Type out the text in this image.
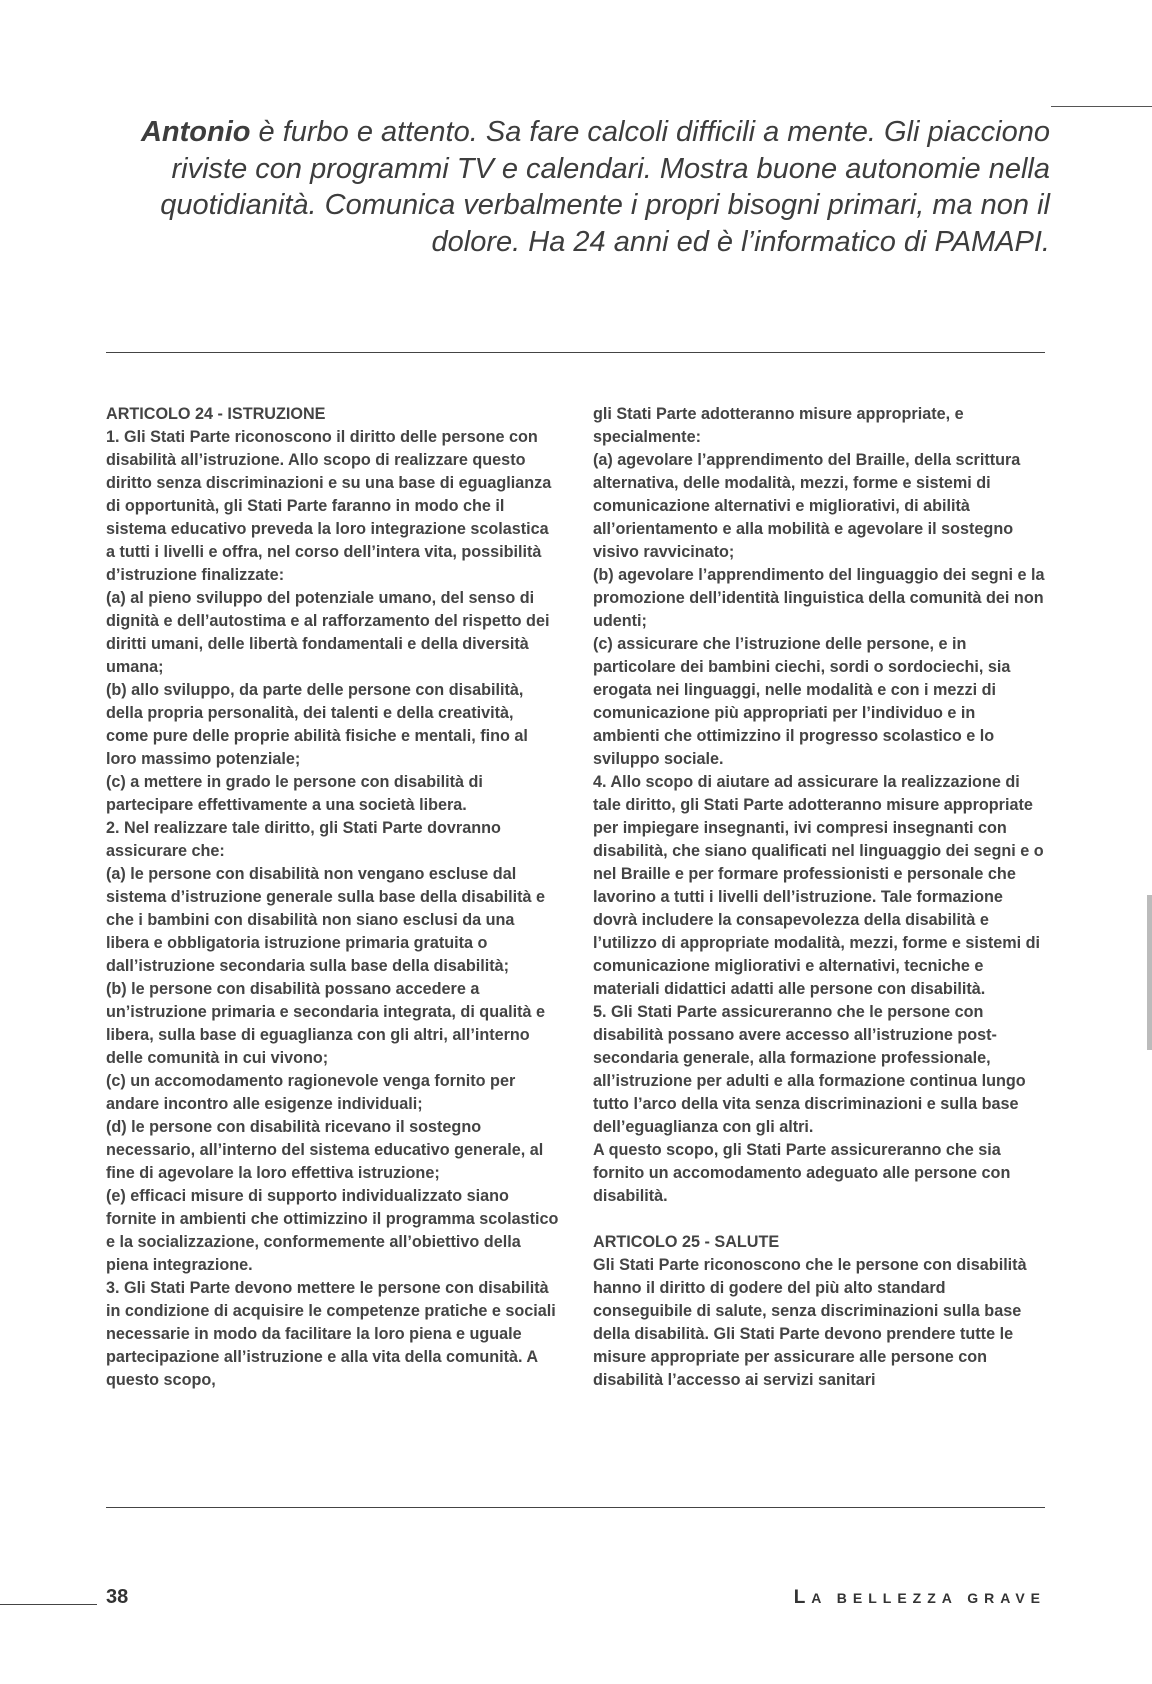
Antonio è furbo e attento. Sa fare calcoli difficili a mente. Gli piacciono riviste con programmi TV e calendari. Mostra buone autonomie nella quotidianità. Comunica verbalmente i propri bisogni primari, ma non il dolore. Ha 24 anni ed è l’informatico di PAMAPI.

ARTICOLO 24 - ISTRUZIONE

1. Gli Stati Parte riconoscono il diritto delle persone con disabilità all’istruzione. Allo scopo di realizzare questo diritto senza discriminazioni e su una base di eguaglianza di opportunità, gli Stati Parte faranno in modo che il sistema educativo preveda la loro integrazione scolastica a tutti i livelli e offra, nel corso dell’intera vita, possibilità d’istruzione finalizzate:

(a) al pieno sviluppo del potenziale umano, del senso di dignità e dell’autostima e al rafforzamento del rispetto dei diritti umani, delle libertà fondamentali e della diversità umana;

(b) allo sviluppo, da parte delle persone con disabilità, della propria personalità, dei talenti e della creatività, come pure delle proprie abilità fisiche e mentali, fino al loro massimo potenziale;

(c) a mettere in grado le persone con disabilità di partecipare effettivamente a una società libera.

2. Nel realizzare tale diritto, gli Stati Parte dovranno assicurare che:

(a) le persone con disabilità non vengano escluse dal sistema d’istruzione generale sulla base della disabilità e che i bambini con disabilità non siano esclusi da una libera e obbligatoria istruzione primaria gratuita o dall’istruzione secondaria sulla base della disabilità;

(b) le persone con disabilità possano accedere a un’istruzione primaria e secondaria integrata, di qualità e libera, sulla base di eguaglianza con gli altri, all’interno delle comunità in cui vivono;

(c) un accomodamento ragionevole venga fornito per andare incontro alle esigenze individuali;

(d) le persone con disabilità ricevano il sostegno necessario, all’interno del sistema educativo generale, al fine di agevolare la loro effettiva istruzione;

(e) efficaci misure di supporto individualizzato siano fornite in ambienti che ottimizzino il programma scolastico e la socializzazione, conformemente all’obiettivo della piena integrazione.

3. Gli Stati Parte devono mettere le persone con disabilità in condizione di acquisire le competenze pratiche e sociali necessarie in modo da facilitare la loro piena e uguale partecipazione all’istruzione e alla vita della comunità. A questo scopo,

gli Stati Parte adotteranno misure appropriate, e specialmente:

(a) agevolare l’apprendimento del Braille, della scrittura alternativa, delle modalità, mezzi, forme e sistemi di comunicazione alternativi e migliorativi, di abilità all’orientamento e alla mobilità e agevolare il sostegno visivo ravvicinato;

(b) agevolare l’apprendimento del linguaggio dei segni e la promozione dell’identità linguistica della comunità dei non udenti;

(c) assicurare che l’istruzione delle persone, e in particolare dei bambini ciechi, sordi o sordociechi, sia erogata nei linguaggi, nelle modalità e con i mezzi di comunicazione più appropriati per l’individuo e in ambienti che ottimizzino il progresso scolastico e lo sviluppo sociale.

4. Allo scopo di aiutare ad assicurare la realizzazione di tale diritto, gli Stati Parte adotteranno misure appropriate per impiegare insegnanti, ivi compresi insegnanti con disabilità, che siano qualificati nel linguaggio dei segni e o nel Braille e per formare professionisti e personale che lavorino a tutti i livelli dell’istruzione. Tale formazione dovrà includere la consapevolezza della disabilità e l’utilizzo di appropriate modalità, mezzi, forme e sistemi di comunicazione migliorativi e alternativi, tecniche e materiali didattici adatti alle persone con disabilità.

5. Gli Stati Parte assicureranno che le persone con disabilità possano avere accesso all’istruzione post-secondaria generale, alla formazione professionale, all’istruzione per adulti e alla formazione continua lungo tutto l’arco della vita senza discriminazioni e sulla base dell’eguaglianza con gli altri.

A questo scopo, gli Stati Parte assicureranno che sia fornito un accomodamento adeguato alle persone con disabilità.

ARTICOLO 25 - SALUTE

Gli Stati Parte riconoscono che le persone con disabilità hanno il diritto di godere del più alto standard conseguibile di salute, senza discriminazioni sulla base della disabilità. Gli Stati Parte devono prendere tutte le misure appropriate per assicurare alle persone con disabilità l’accesso ai servizi sanitari

38	LA BELLEZZA GRAVE
